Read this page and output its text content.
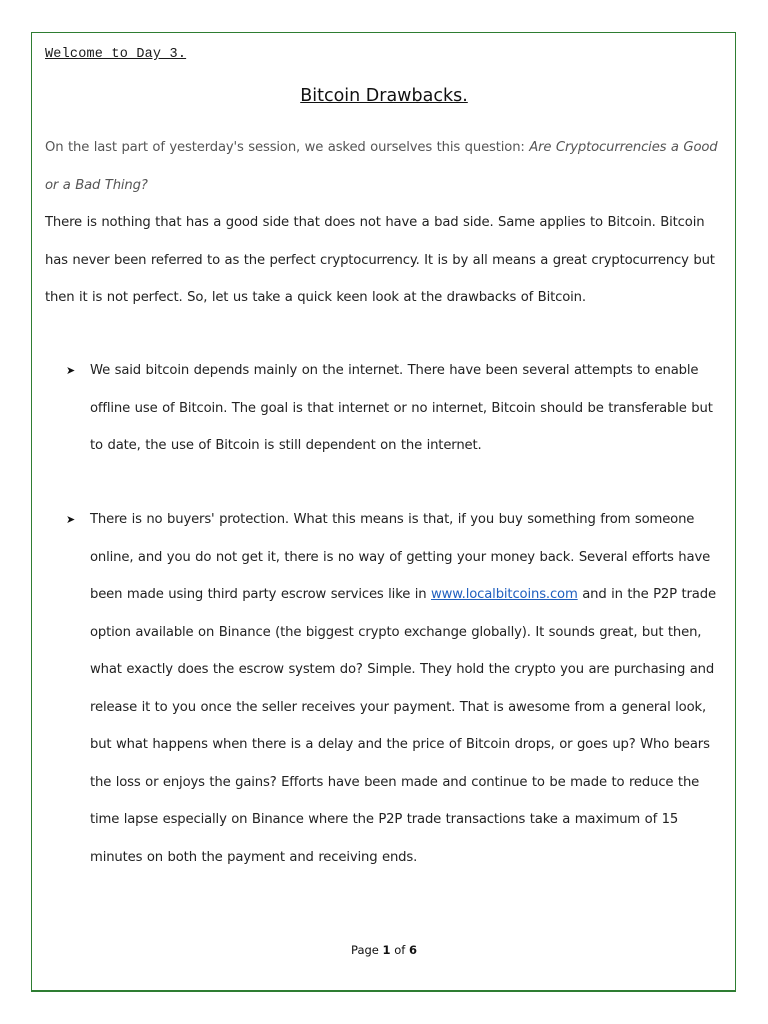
Welcome to Day 3.
Bitcoin Drawbacks.
On the last part of yesterday's session, we asked ourselves this question: Are Cryptocurrencies a Good or a Bad Thing?
There is nothing that has a good side that does not have a bad side. Same applies to Bitcoin. Bitcoin has never been referred to as the perfect cryptocurrency. It is by all means a great cryptocurrency but then it is not perfect. So, let us take a quick keen look at the drawbacks of Bitcoin.
➤ We said bitcoin depends mainly on the internet. There have been several attempts to enable offline use of Bitcoin. The goal is that internet or no internet, Bitcoin should be transferable but to date, the use of Bitcoin is still dependent on the internet.
➤ There is no buyers' protection. What this means is that, if you buy something from someone online, and you do not get it, there is no way of getting your money back. Several efforts have been made using third party escrow services like in www.localbitcoins.com and in the P2P trade option available on Binance (the biggest crypto exchange globally). It sounds great, but then, what exactly does the escrow system do? Simple. They hold the crypto you are purchasing and release it to you once the seller receives your payment. That is awesome from a general look, but what happens when there is a delay and the price of Bitcoin drops, or goes up? Who bears the loss or enjoys the gains? Efforts have been made and continue to be made to reduce the time lapse especially on Binance where the P2P trade transactions take a maximum of 15 minutes on both the payment and receiving ends.
Page 1 of 6
